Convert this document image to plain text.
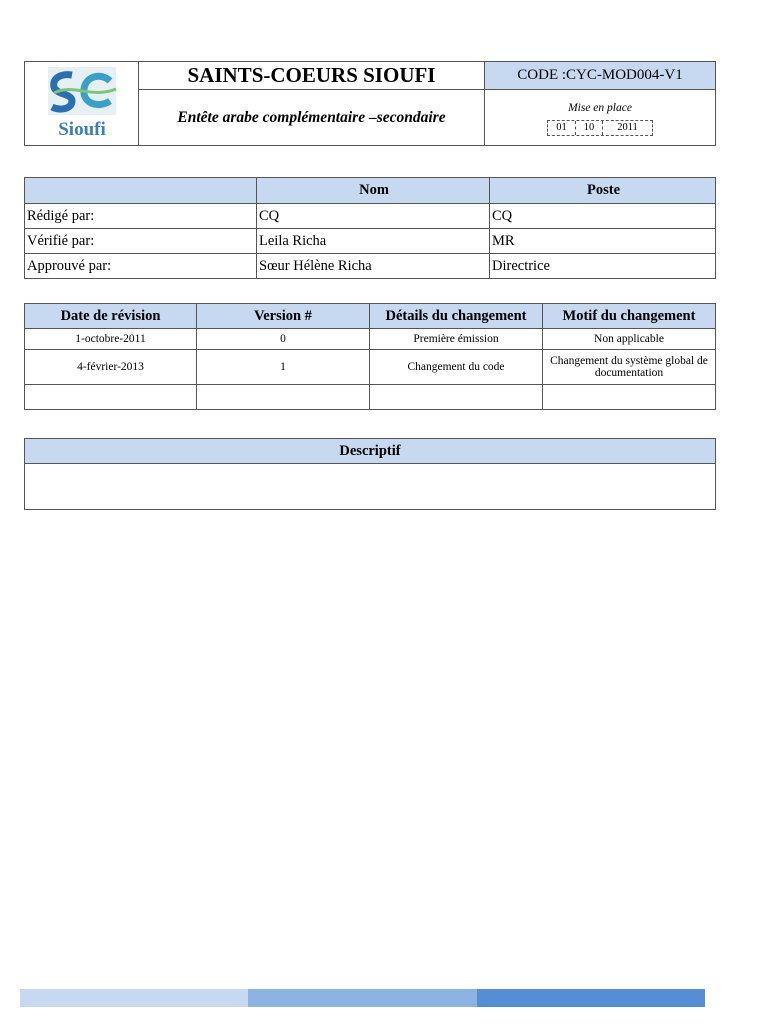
Sioufi	SAINTS-COEURS SIOUFI	CODE :CYC-MOD004-V1
	Entête arabe complémentaire –secondaire	Mise en place
01 10 2011
	Nom	Poste
Rédigé par:	CQ	CQ
Vérifié par:	Leila Richa	MR
Approuvé par:	Sœur Hélène Richa	Directrice
Date de révision	Version #	Détails du changement	Motif du changement
1-octobre-2011	0	Première émission	Non applicable
4-février-2013	1	Changement du code	Changement du système global de documentation

Descriptif
